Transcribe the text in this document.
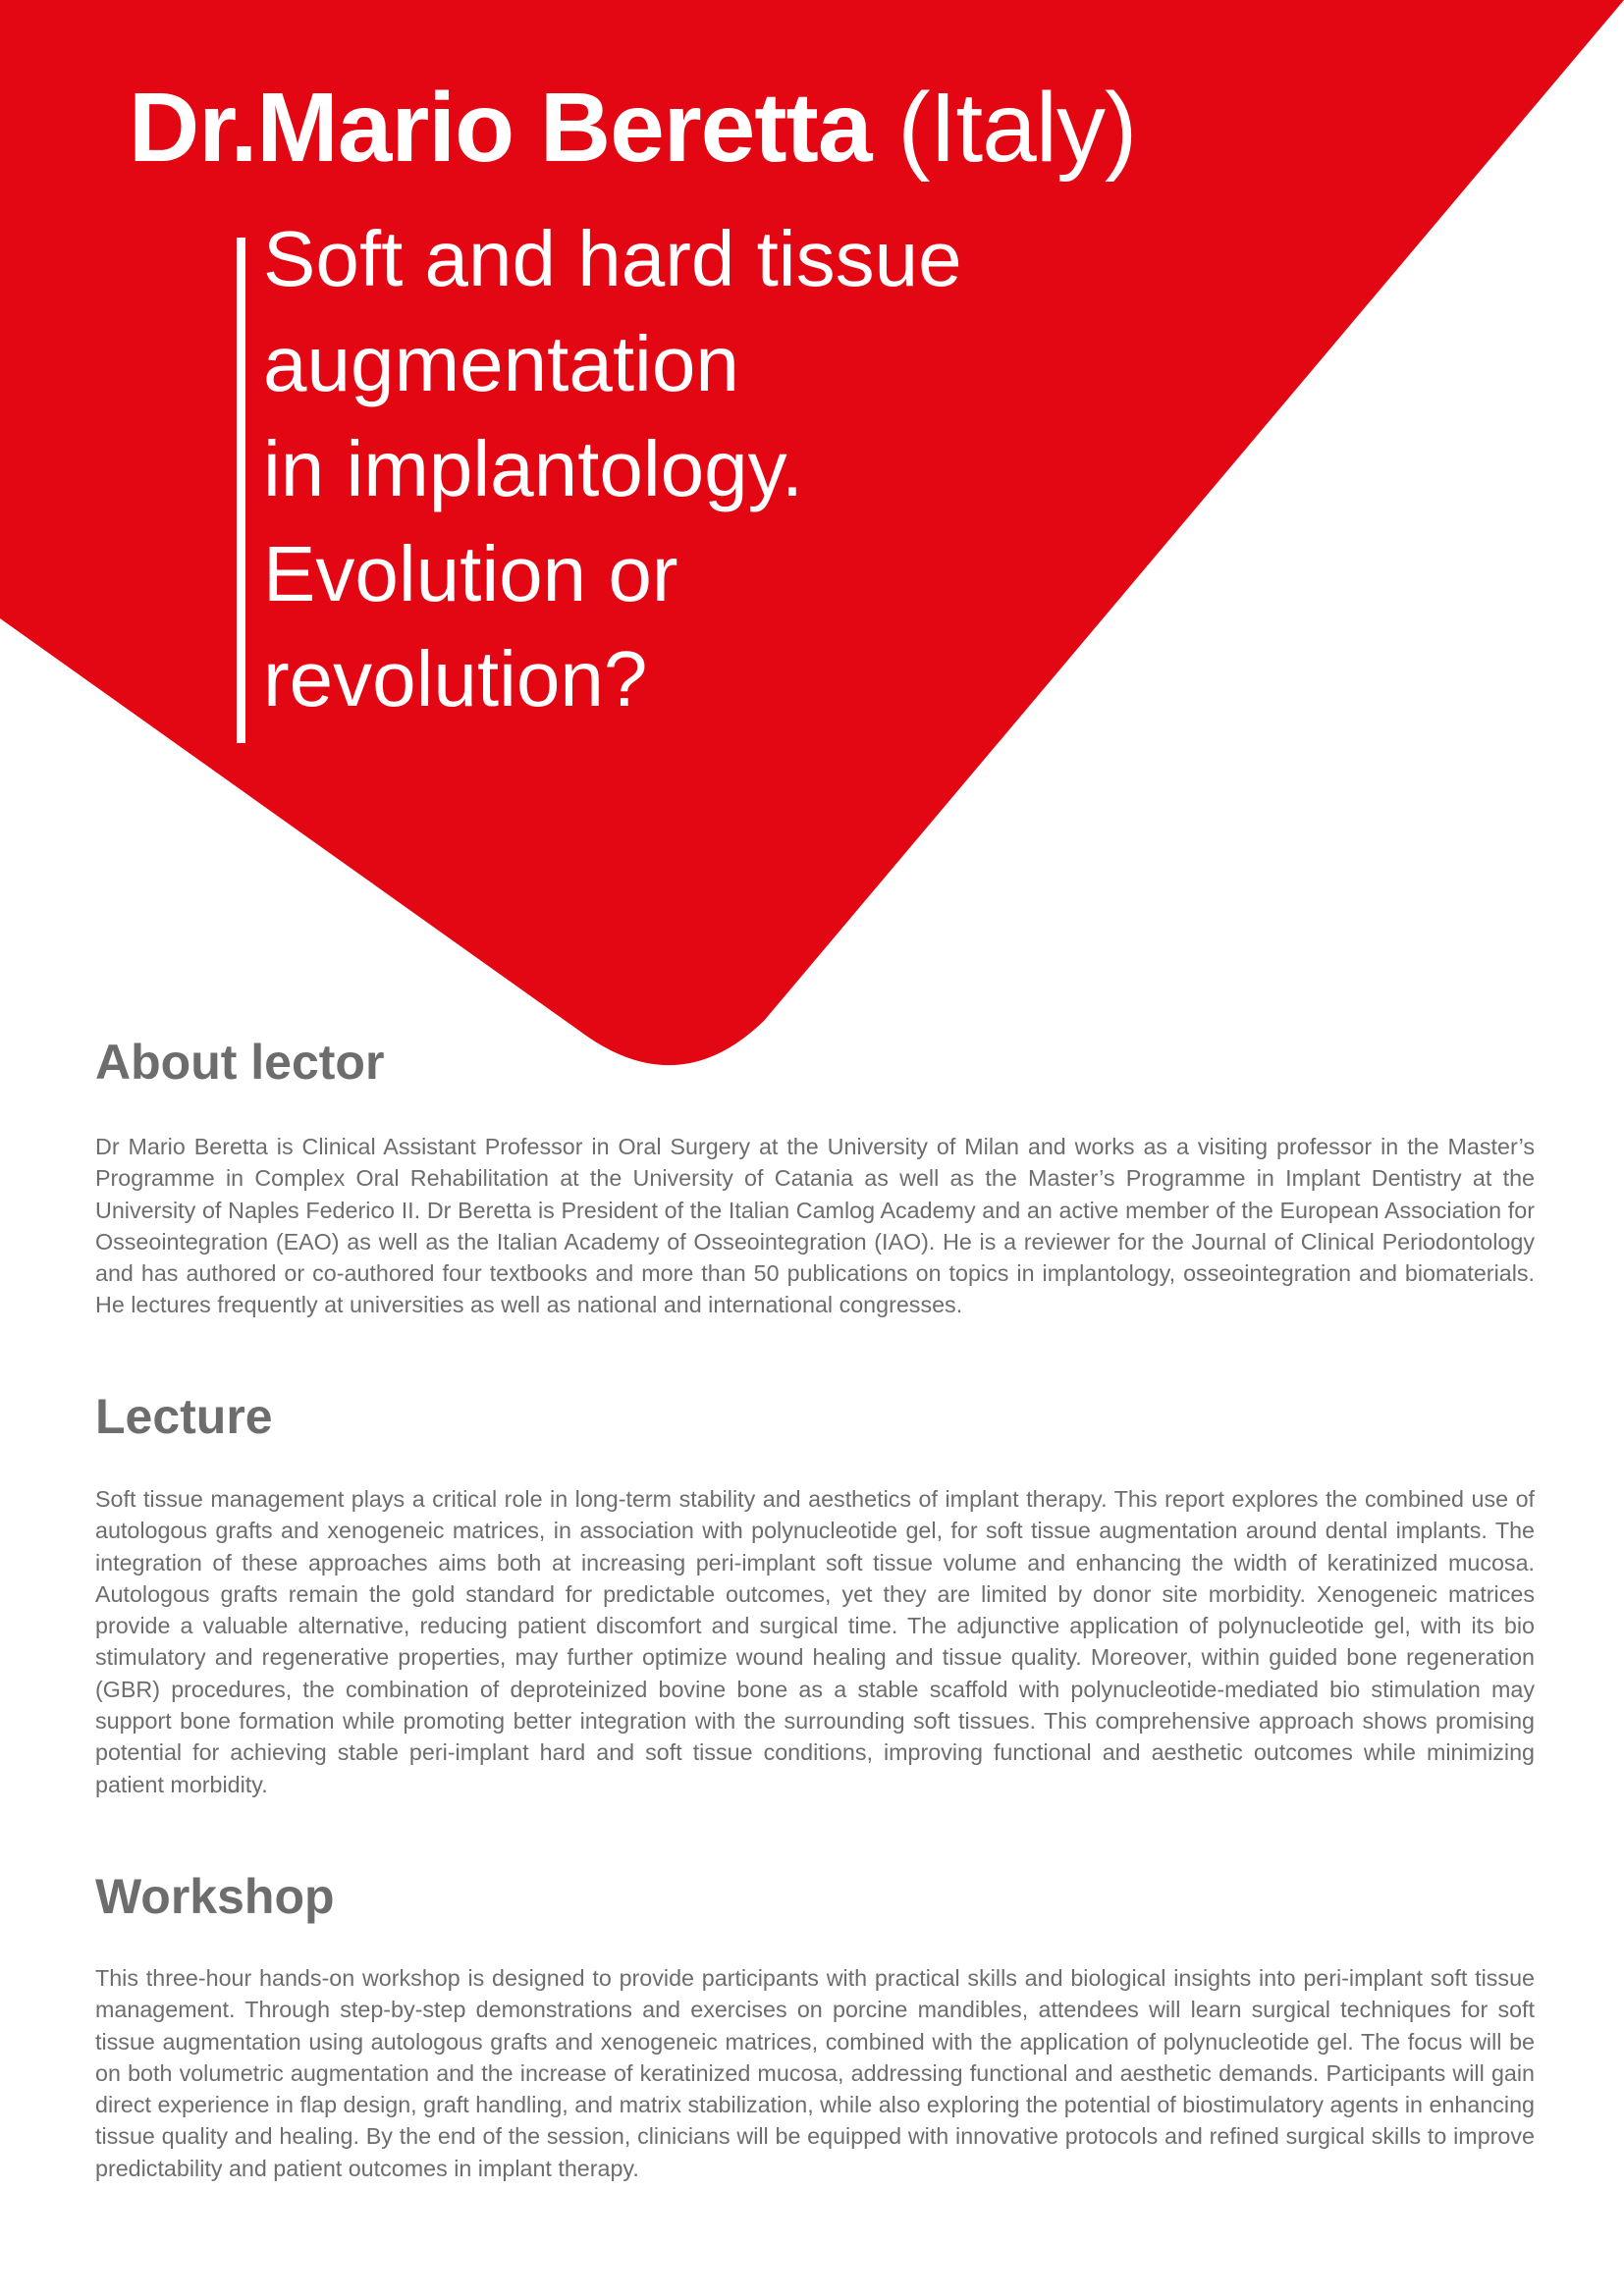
Dr.Mario Beretta (Italy)
Soft and hard tissue
augmentation
in implantology.
Evolution or
revolution?
About lector

Dr Mario Beretta is Clinical Assistant Professor in Oral Surgery at the University of Milan and works as a visiting professor in the Master’s Programme in Complex Oral Rehabilitation at the University of Catania as well as the Master’s Programme in Implant Dentistry at the University of Naples Federico II. Dr Beretta is President of the Italian Camlog Academy and an active member of the European Association for Osseointegration (EAO) as well as the Italian Academy of Osseointegration (IAO). He is a reviewer for the Journal of Clinical Periodontology and has authored or co-authored four textbooks and more than 50 publications on topics in implantology, osseointegration and biomaterials. He lectures frequently at universities as well as national and international congresses.

Lecture

Soft tissue management plays a critical role in long-term stability and aesthetics of implant therapy. This report explores the combined use of autologous grafts and xenogeneic matrices, in association with polynucleotide gel, for soft tissue augmentation around dental implants. The integration of these approaches aims both at increasing peri-implant soft tissue volume and enhancing the width of keratinized mucosa. Autologous grafts remain the gold standard for predictable outcomes, yet they are limited by donor site morbidity. Xenogeneic matrices provide a valuable alternative, reducing patient discomfort and surgical time. The adjunctive application of polynucleotide gel, with its bio stimulatory and regenerative properties, may further optimize wound healing and tissue quality. Moreover, within guided bone regeneration (GBR) procedures, the combination of deproteinized bovine bone as a stable scaffold with polynucleotide-mediated bio stimulation may support bone formation while promoting better integration with the surrounding soft tissues. This comprehensive approach shows promising potential for achieving stable peri-implant hard and soft tissue conditions, improving functional and aesthetic outcomes while minimizing patient morbidity.

Workshop

This three-hour hands-on workshop is designed to provide participants with practical skills and biological insights into peri-implant soft tissue management. Through step-by-step demonstrations and exercises on porcine mandibles, attendees will learn surgical techniques for soft tissue augmentation using autologous grafts and xenogeneic matrices, combined with the application of polynucleotide gel. The focus will be on both volumetric augmentation and the increase of keratinized mucosa, addressing functional and aesthetic demands. Participants will gain direct experience in flap design, graft handling, and matrix stabilization, while also exploring the potential of biostimulatory agents in enhancing tissue quality and healing. By the end of the session, clinicians will be equipped with innovative protocols and refined surgical skills to improve predictability and patient outcomes in implant therapy.
